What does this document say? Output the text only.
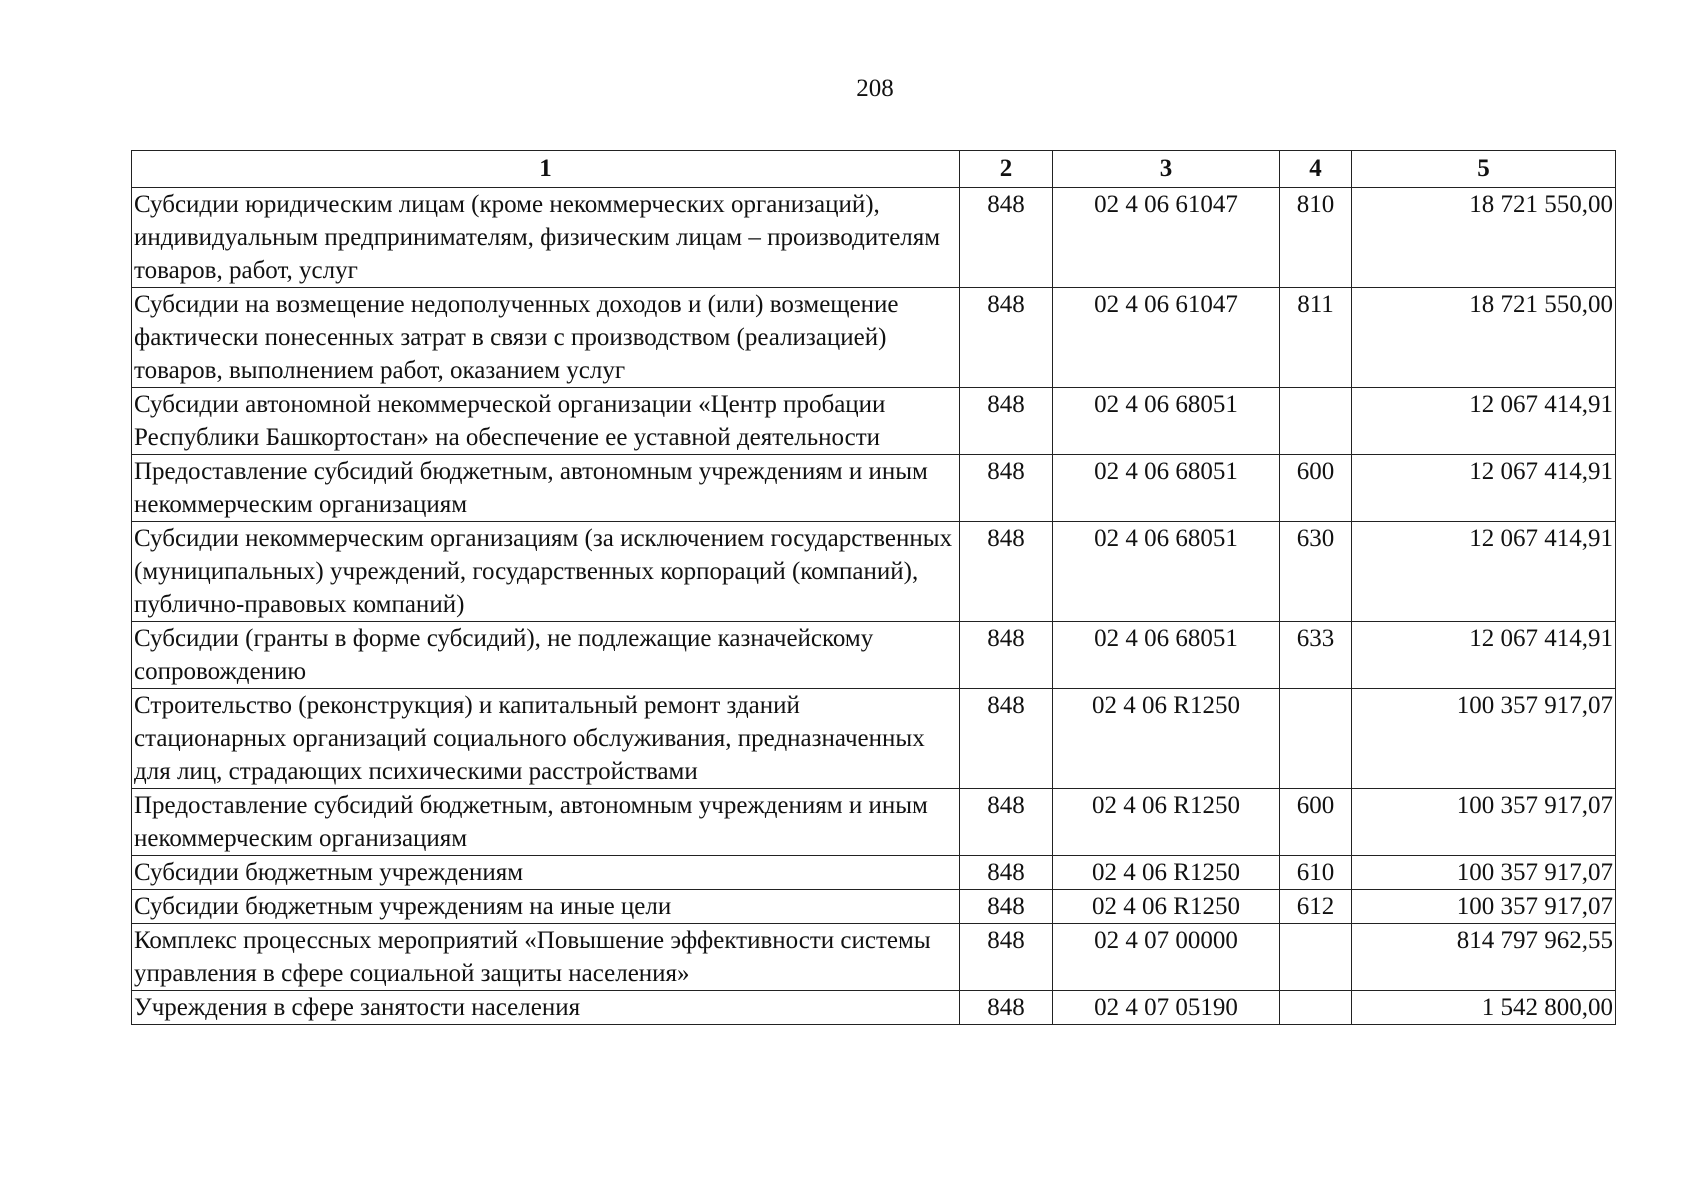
208
1	2	3	4	5
Субсидии юридическим лицам (кроме некоммерческих организаций), индивидуальным предпринимателям, физическим лицам – производителям товаров, работ, услуг	848	02 4 06 61047	810	18 721 550,00
Субсидии на возмещение недополученных доходов и (или) возмещение фактически понесенных затрат в связи с производством (реализацией) товаров, выполнением работ, оказанием услуг	848	02 4 06 61047	811	18 721 550,00
Субсидии автономной некоммерческой организации «Центр пробации Республики Башкортостан» на обеспечение ее уставной деятельности	848	02 4 06 68051		12 067 414,91
Предоставление субсидий бюджетным, автономным учреждениям и иным некоммерческим организациям	848	02 4 06 68051	600	12 067 414,91
Субсидии некоммерческим организациям (за исключением государственных (муниципальных) учреждений, государственных корпораций (компаний), публично-правовых компаний)	848	02 4 06 68051	630	12 067 414,91
Субсидии (гранты в форме субсидий), не подлежащие казначейскому сопровождению	848	02 4 06 68051	633	12 067 414,91
Строительство (реконструкция) и капитальный ремонт зданий стационарных организаций социального обслуживания, предназначенных для лиц, страдающих психическими расстройствами	848	02 4 06 R1250		100 357 917,07
Предоставление субсидий бюджетным, автономным учреждениям и иным некоммерческим организациям	848	02 4 06 R1250	600	100 357 917,07
Субсидии бюджетным учреждениям	848	02 4 06 R1250	610	100 357 917,07
Субсидии бюджетным учреждениям на иные цели	848	02 4 06 R1250	612	100 357 917,07
Комплекс процессных мероприятий «Повышение эффективности системы управления в сфере социальной защиты населения»	848	02 4 07 00000		814 797 962,55
Учреждения в сфере занятости населения	848	02 4 07 05190		1 542 800,00
